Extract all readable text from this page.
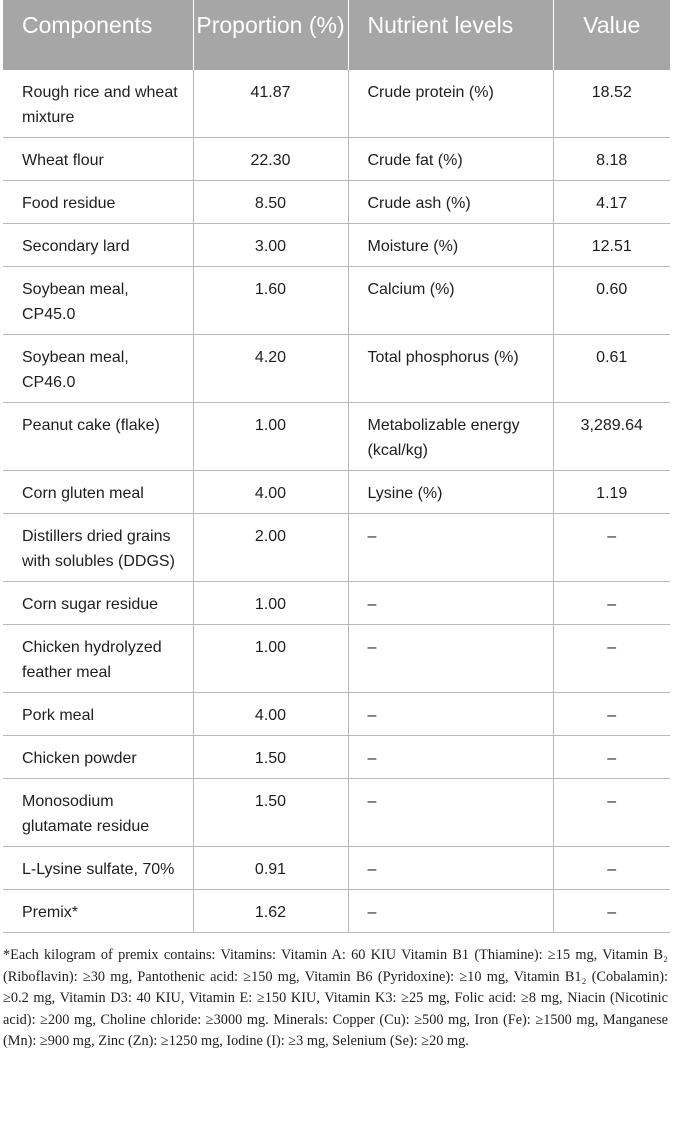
Components	Proportion (%)	Nutrient levels	Value
Rough rice and wheat mixture	41.87	Crude protein (%)	18.52
Wheat flour	22.30	Crude fat (%)	8.18
Food residue	8.50	Crude ash (%)	4.17
Secondary lard	3.00	Moisture (%)	12.51
Soybean meal, CP45.0	1.60	Calcium (%)	0.60
Soybean meal, CP46.0	4.20	Total phosphorus (%)	0.61
Peanut cake (flake)	1.00	Metabolizable energy (kcal/kg)	3,289.64
Corn gluten meal	4.00	Lysine (%)	1.19
Distillers dried grains with solubles (DDGS)	2.00	–	–
Corn sugar residue	1.00	–	–
Chicken hydrolyzed feather meal	1.00	–	–
Pork meal	4.00	–	–
Chicken powder	1.50	–	–
Monosodium glutamate residue	1.50	–	–
L-Lysine sulfate, 70%	0.91	–	–
Premix*	1.62	–	–
*Each kilogram of premix contains: Vitamins: Vitamin A: 60 KIU Vitamin B1 (Thiamine): ≥15 mg, Vitamin B₂ (Riboflavin): ≥30 mg, Pantothenic acid: ≥150 mg, Vitamin B6 (Pyridoxine): ≥10 mg, Vitamin B1₂ (Cobalamin): ≥0.2 mg, Vitamin D3: 40 KIU, Vitamin E: ≥150 KIU, Vitamin K3: ≥25 mg, Folic acid: ≥8 mg, Niacin (Nicotinic acid): ≥200 mg, Choline chloride: ≥3000 mg. Minerals: Copper (Cu): ≥500 mg, Iron (Fe): ≥1500 mg, Manganese (Mn): ≥900 mg, Zinc (Zn): ≥1250 mg, Iodine (I): ≥3 mg, Selenium (Se): ≥20 mg.
